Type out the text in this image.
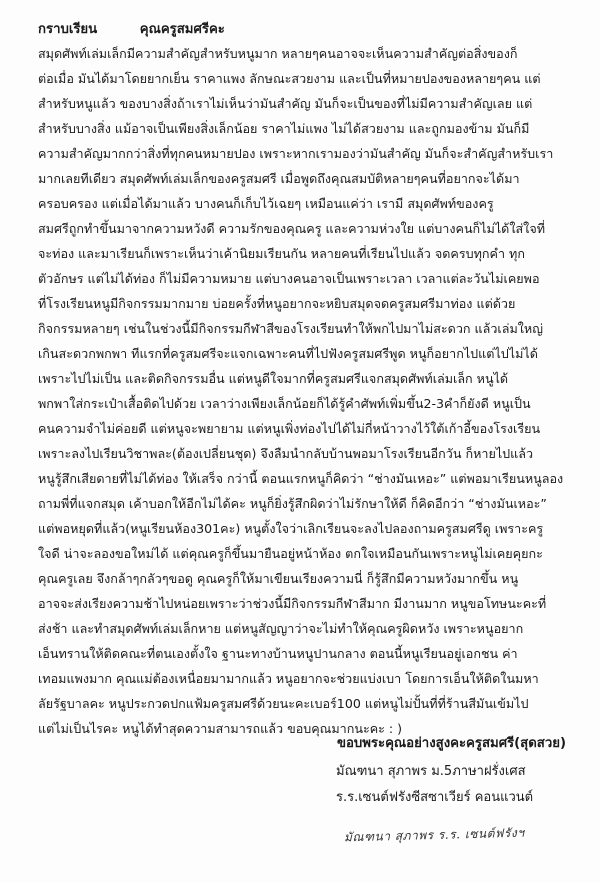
กราบเรียน	คุณครูสมศรีคะ
สมุดศัพท์เล่มเล็กมีความสำคัญสำหรับหนูมาก หลายๆคนอาจจะเห็นความสำคัญต่อสิ่งของก็
ต่อเมื่อ มันได้มาโดยยากเย็น ราคาแพง ลักษณะสวยงาม และเป็นที่หมายปองของหลายๆคน แต่
สำหรับหนูแล้ว ของบางสิ่งถ้าเราไม่เห็นว่ามันสำคัญ มันก็จะเป็นของที่ไม่มีความสำคัญเลย แต่
สำหรับบางสิ่ง แม้อาจเป็นเพียงสิ่งเล็กน้อย ราคาไม่แพง ไม่ได้สวยงาม และถูกมองข้าม มันก็มี
ความสำคัญมากกว่าสิ่งที่ทุกคนหมายปอง เพราะหากเรามองว่ามันสำคัญ มันก็จะสำคัญสำหรับเรา
มากเลยทีเดียว สมุดศัพท์เล่มเล็กของครูสมศรี เมื่อพูดถึงคุณสมบัติหลายๆคนที่อยากจะได้มา
ครอบครอง แต่เมื่อได้มาแล้ว บางคนก็เก็บไว้เฉยๆ เหมือนแค่ว่า เรามี สมุดศัพท์ของครู
สมศรีถูกทำขึ้นมาจากความหวังดี ความรักของคุณครู และความห่วงใย แต่บางคนก็ไม่ได้ใส่ใจที่
จะท่อง และมาเรียนก็เพราะเห็นว่าเค้านิยมเรียนกัน หลายคนที่เรียนไปแล้ว จดครบทุกคำ ทุก
ตัวอักษร แต่ไม่ได้ท่อง ก็ไม่มีความหมาย แต่บางคนอาจเป็นเพราะเวลา เวลาแต่ละวันไม่เคยพอ
ที่โรงเรียนหนูมีกิจกรรมมากมาย บ่อยครั้งที่หนูอยากจะหยิบสมุดจดครูสมศรีมาท่อง แต่ด้วย
กิจกรรมหลายๆ เช่นในช่วงนี้มีกิจกรรมกีฬาสีของโรงเรียนทำให้พกไปมาไม่สะดวก แล้วเล่มใหญ่
เกินสะดวกพกพา ทีแรกที่ครูสมศรีจะแจกเฉพาะคนที่ไปฟังครูสมศรีพูด หนูก็อยากไปแต่ไปไม่ได้
เพราะไปไม่เป็น และติดกิจกรรมอื่น แต่หนูดีใจมากที่ครูสมศรีแจกสมุดศัพท์เล่มเล็ก หนูได้
พกพาใส่กระเป๋าเสื้อติดไปด้วย เวลาว่างเพียงเล็กน้อยก็ได้รู้คำศัพท์เพิ่มขึ้น2-3คำก็ยังดี หนูเป็น
คนความจำไม่ค่อยดี แต่หนูจะพยายาม แต่หนูเพิ่งท่องไปได้ไม่กี่หน้าวางไว้ใต้เก้าอี้ของโรงเรียน
เพราะลงไปเรียนวิชาพละ(ต้องเปลี่ยนชุด) จึงลืมนำกลับบ้านพอมาโรงเรียนอีกวัน ก็หายไปแล้ว
หนูรู้สึกเสียดายที่ไม่ได้ท่อง ให้เสร็จ กว่านี้ ตอนแรกหนูก็คิดว่า “ช่างมันเหอะ” แต่พอมาเรียนหนูลอง
ถามพี่ที่แจกสมุด เค้าบอกให้อีกไม่ได้คะ หนูก็ยิ่งรู้สึกผิดว่าไม่รักษาให้ดี ก็คิดอีกว่า “ช่างมันเหอะ”
แต่พอหยุดที่แล้ว(หนูเรียนห้อง301คะ) หนูตั้งใจว่าเลิกเรียนจะลงไปลองถามครูสมศรีดู เพราะครู
ใจดี น่าจะลองขอใหม่ได้ แต่คุณครูก็ขึ้นมายืนอยู่หน้าห้อง ตกใจเหมือนกันเพราะหนูไม่เคยคุยกะ
คุณครูเลย จึงกล้าๆกลัวๆขอดู คุณครูก็ให้มาเขียนเรียงความนี่ ก็รู้สึกมีความหวังมากขึ้น หนู
อาจจะส่งเรียงความช้าไปหน่อยเพราะว่าช่วงนี้มีกิจกรรมกีฬาสีมาก มีงานมาก หนูขอโทษนะคะที่
ส่งช้า และทำสมุดศัพท์เล่มเล็กหาย แต่หนูสัญญาว่าจะไม่ทำให้คุณครูผิดหวัง เพราะหนูอยาก
เอ็นทรานให้ติดคณะที่ตนเองตั้งใจ ฐานะทางบ้านหนูปานกลาง ตอนนี้หนูเรียนอยู่เอกชน ค่า
เทอมแพงมาก คุณแม่ต้องเหนื่อยมามากแล้ว หนูอยากจะช่วยแบ่งเบา โดยการเอ็นให้ติดในมหา
ลัยรัฐบาลคะ หนูประกวดปกแฟ้มครูสมศรีด้วยนะคะเบอร์100 แต่หนูไม่ปั้นที่ที่ร้านสีมันเข้มไป
แต่ไม่เป็นไรคะ หนูได้ทำสุดความสามารถแล้ว ขอบคุณมากนะคะ : )
ขอบพระคุณอย่างสูงคะครูสมศรี(สุดสวย)
มัณฑนา สุภาพร ม.5ภาษาฝรั่งเศส
ร.ร.เซนต์ฟรังซีสซาเวียร์ คอนแวนต์
มัณฑนา สุภาพร ร.ร. เซนต์ฟรังฯ
